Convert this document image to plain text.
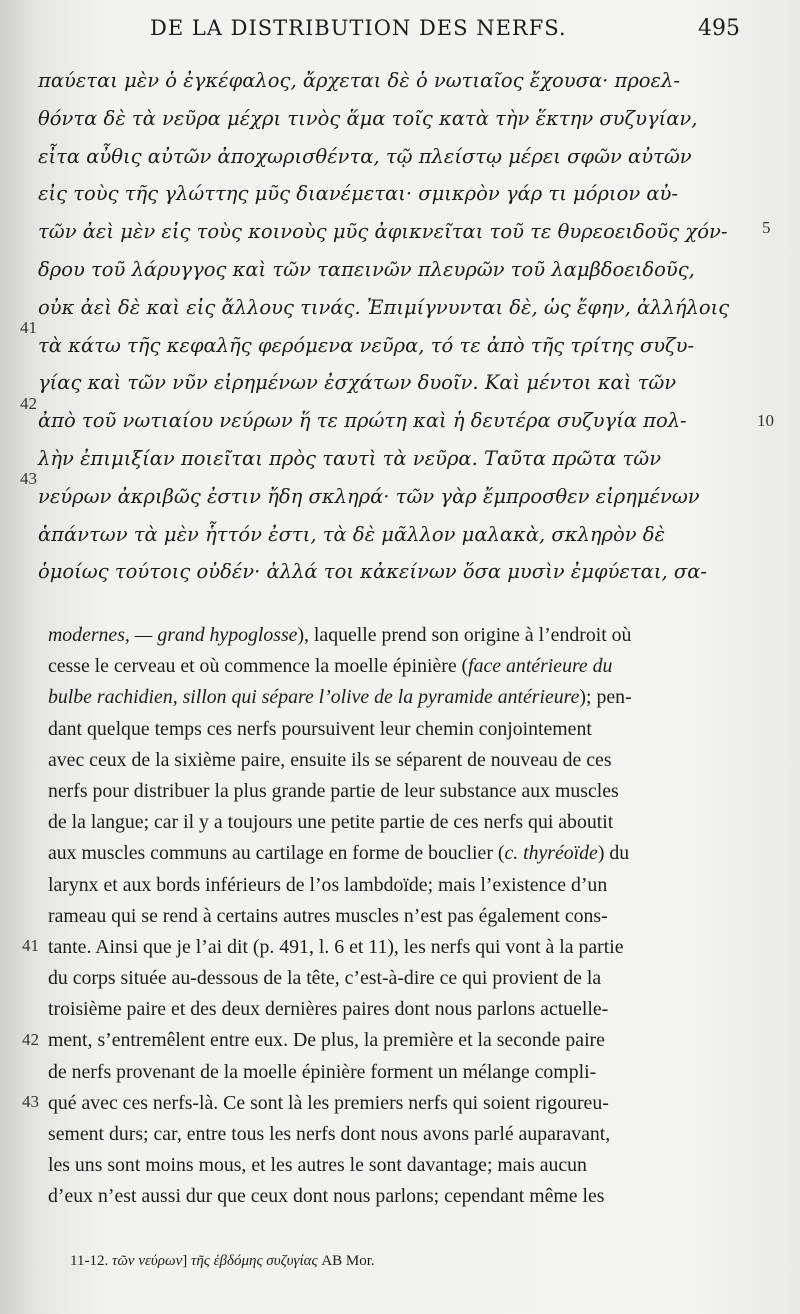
DE LA DISTRIBUTION DES NERFS.	495
παύεται μὲν ὁ ἐγκέφαλος, ἄρχεται δὲ ὁ νωτιαῖος ἔχουσα· προελ-
θόντα δὲ τὰ νεῦρα μέχρι τινὸς ἅμα τοῖς κατὰ τὴν ἕκτην συζυγίαν,
εἶτα αὖθις αὐτῶν ἀποχωρισθέντα, τῷ πλείστῳ μέρει σφῶν αὐτῶν
εἰς τοὺς τῆς γλώττης μῦς διανέμεται· σμικρὸν γάρ τι μόριον αὐ-
τῶν ἀεὶ μὲν εἰς τοὺς κοινοὺς μῦς ἀφικνεῖται τοῦ τε θυρεοειδοῦς χόν-
δρου τοῦ λάρυγγος καὶ τῶν ταπεινῶν πλευρῶν τοῦ λαμβδοειδοῦς,
οὐκ ἀεὶ δὲ καὶ εἰς ἄλλους τινάς. Ἐπιμίγνυνται δὲ, ὡς ἔφην, ἀλλήλοις
τὰ κάτω τῆς κεφαλῆς φερόμενα νεῦρα, τό τε ἀπὸ τῆς τρίτης συζυ-
γίας καὶ τῶν νῦν εἰρημένων ἐσχάτων δυοῖν. Καὶ μέντοι καὶ τῶν
ἀπὸ τοῦ νωτιαίου νεύρων ἥ τε πρώτη καὶ ἡ δευτέρα συζυγία πολ-
λὴν ἐπιμιξίαν ποιεῖται πρὸς ταυτὶ τὰ νεῦρα. Ταῦτα πρῶτα τῶν
νεύρων ἀκριβῶς ἐστιν ἤδη σκληρά· τῶν γὰρ ἔμπροσθεν εἰρημένων
ἁπάντων τὰ μὲν ἧττόν ἐστι, τὰ δὲ μᾶλλον μαλακὰ, σκληρὸν δὲ
ὁμοίως τούτοις οὐδέν· ἀλλά τοι κἀκείνων ὅσα μυσὶν ἐμφύεται, σα-
5
10
41
42
43
modernes, — grand hypoglosse), laquelle prend son origine à l’endroit où
cesse le cerveau et où commence la moelle épinière (face antérieure du
bulbe rachidien, sillon qui sépare l’olive de la pyramide antérieure); pen-
dant quelque temps ces nerfs poursuivent leur chemin conjointement
avec ceux de la sixième paire, ensuite ils se séparent de nouveau de ces
nerfs pour distribuer la plus grande partie de leur substance aux muscles
de la langue; car il y a toujours une petite partie de ces nerfs qui aboutit
aux muscles communs au cartilage en forme de bouclier (c. thyréoïde) du
larynx et aux bords inférieurs de l’os lambdoïde; mais l’existence d’un
rameau qui se rend à certains autres muscles n’est pas également cons-
tante. Ainsi que je l’ai dit (p. 491, l. 6 et 11), les nerfs qui vont à la partie
du corps située au-dessous de la tête, c’est-à-dire ce qui provient de la
troisième paire et des deux dernières paires dont nous parlons actuelle-
ment, s’entremêlent entre eux. De plus, la première et la seconde paire
de nerfs provenant de la moelle épinière forment un mélange compli-
qué avec ces nerfs-là. Ce sont là les premiers nerfs qui soient rigoureu-
sement durs; car, entre tous les nerfs dont nous avons parlé auparavant,
les uns sont moins mous, et les autres le sont davantage; mais aucun
d’eux n’est aussi dur que ceux dont nous parlons; cependant même les
41
42
43
11-12. τῶν νεύρων] τῆς ἑβδόμης συζυγίας AB Mor.
